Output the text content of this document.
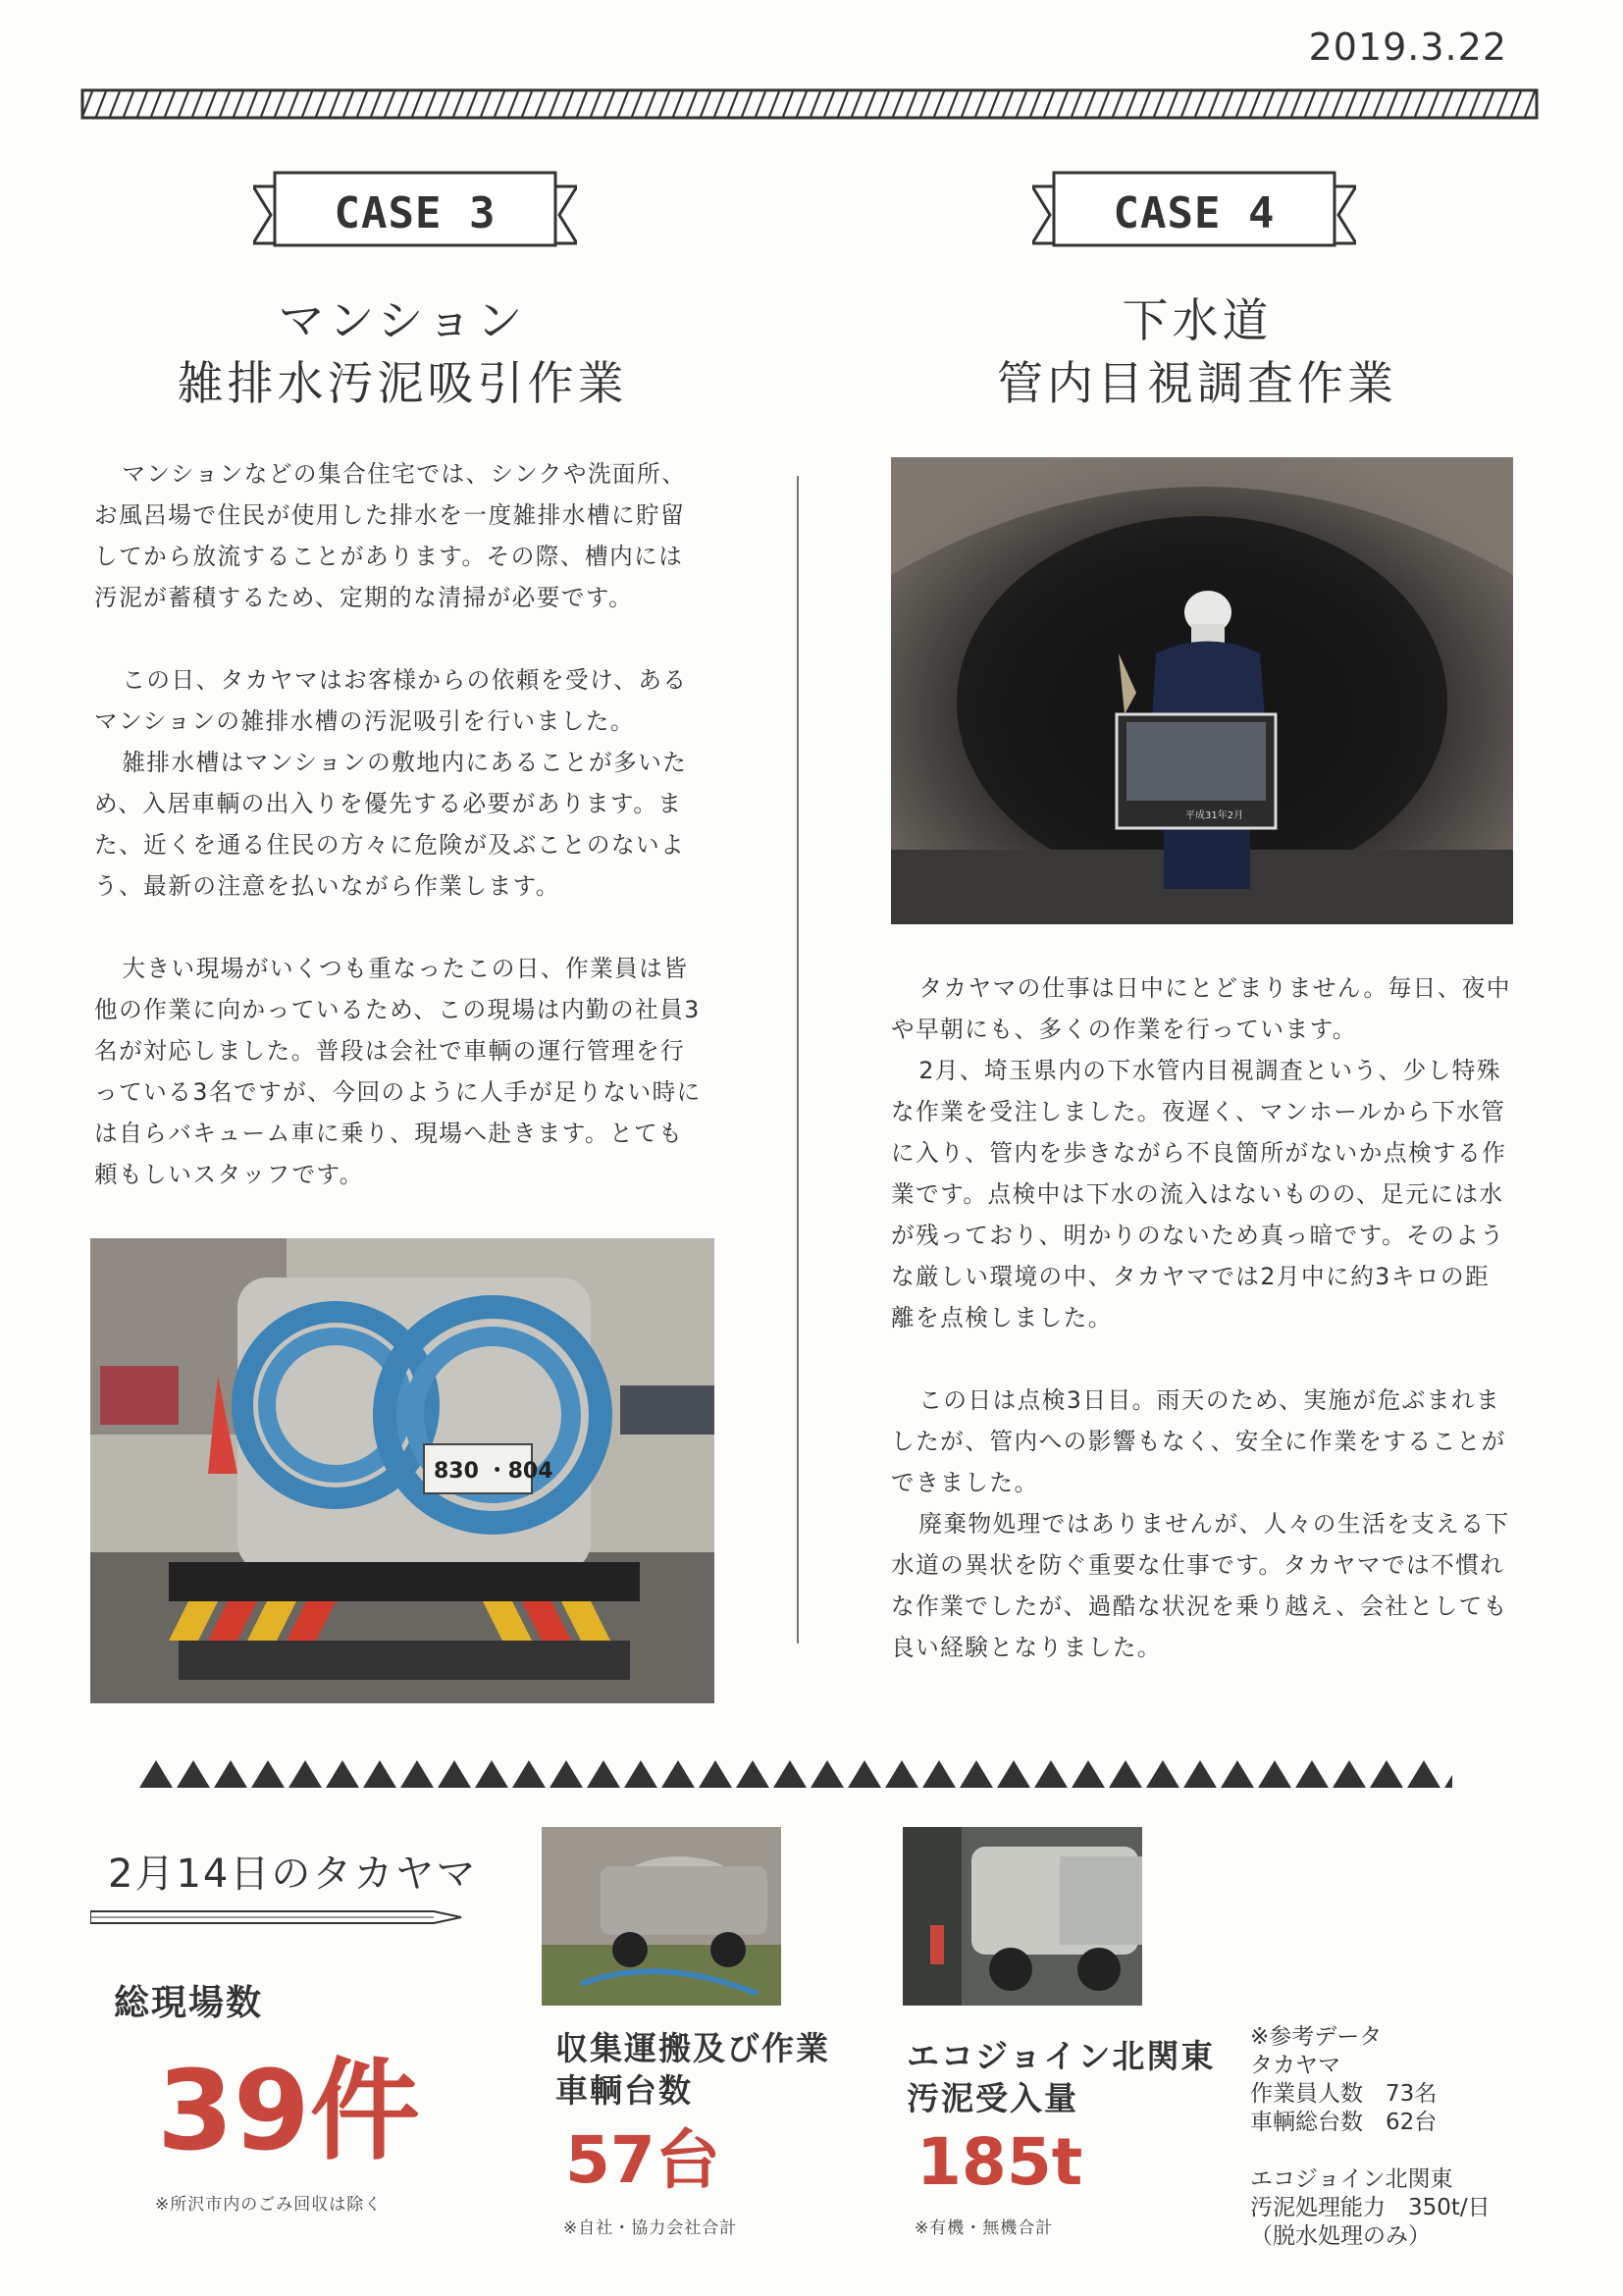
2019.3.22
CASE 3	CASE 4
マンション
雑排水汚泥吸引作業
下水道
管内目視調査作業

マンションなどの集合住宅では、シンクや洗面所、お風呂場で住民が使用した排水を一度雑排水槽に貯留してから放流することがあります。その際、槽内には汚泥が蓄積するため、定期的な清掃が必要です。

この日、タカヤマはお客様からの依頼を受け、あるマンションの雑排水槽の汚泥吸引を行いました。

雑排水槽はマンションの敷地内にあることが多いため、入居車輌の出入りを優先する必要があります。また、近くを通る住民の方々に危険が及ぶことのないよう、最新の注意を払いながら作業します。

大きい現場がいくつも重なったこの日、作業員は皆他の作業に向かっているため、この現場は内勤の社員3名が対応しました。普段は会社で車輌の運行管理を行っている3名ですが、今回のように人手が足りない時には自らバキューム車に乗り、現場へ赴きます。とても頼もしいスタッフです。

平成31年2月

タカヤマの仕事は日中にとどまりません。毎日、夜中や早朝にも、多くの作業を行っています。

2月、埼玉県内の下水管内目視調査という、少し特殊な作業を受注しました。夜遅く、マンホールから下水管に入り、管内を歩きながら不良箇所がないか点検する作業です。点検中は下水の流入はないものの、足元には水が残っており、明かりのないため真っ暗です。そのような厳しい環境の中、タカヤマでは2月中に約3キロの距離を点検しました。

この日は点検3日目。雨天のため、実施が危ぶまれましたが、管内への影響もなく、安全に作業をすることができました。

廃棄物処理ではありませんが、人々の生活を支える下水道の異状を防ぐ重要な仕事です。タカヤマでは不慣れな作業でしたが、過酷な状況を乗り越え、会社としても良い経験となりました。

830 ・804
2月14日のタカヤマ
総現場数
39件
※所沢市内のごみ回収は除く
収集運搬及び作業
車輌台数
57台
※自社・協力会社合計
エコジョイン北関東
汚泥受入量
185t
※有機・無機合計
※参考データ
タカヤマ
作業員人数　73名
車輌総台数　62台
エコジョイン北関東
汚泥処理能力　350t/日
（脱水処理のみ）
